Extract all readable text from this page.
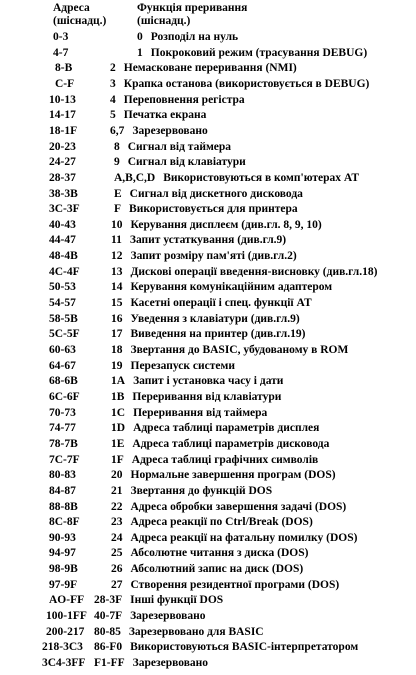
Адреса
(шіснадц.)
Функція преривання
(шіснадц.)
0-3	0 Розподіл на нуль
4-7	1 Покроковий режим (трасування DEBUG)
8-B	2 Немасковане переривання (NMI)
C-F	3 Крапка останова (використовується в DEBUG)
10-13	4 Переповнення регістра
14-17	5 Печатка екрана
18-1F	6,7 Зарезервовано
20-23	8 Сигнал від таймера
24-27	9 Сигнал від клавіатури
28-37	A,B,C,D Використовуються в комп'ютерах AT
38-3B	E Сигнал від дискетного дисковода
3C-3F	F Використовується для принтера
40-43	10 Керування дисплеєм (див.гл. 8, 9, 10)
44-47	11 Запит устаткування (див.гл.9)
48-4B	12 Запит розміру пам'яті (див.гл.2)
4C-4F	13 Дискові операції введення-висновку (див.гл.18)
50-53	14 Керування комунікаційним адаптером
54-57	15 Касетні операції і спец. функції AT
58-5B	16 Уведення з клавіатури (див.гл.9)
5C-5F	17 Виведення на принтер (див.гл.19)
60-63	18 Звертання до BASIC, убудованому в ROM
64-67	19 Перезапуск системи
68-6B	1A Запит і установка часу і дати
6C-6F	1B Переривання від клавіатури
70-73	1C Переривання від таймера
74-77	1D Адреса таблиці параметрів дисплея
78-7B	1E Адреса таблиці параметрів дисковода
7C-7F	1F Адреса таблиці графічних символів
80-83	20 Нормальне завершення програм (DOS)
84-87	21 Звертання до функцій DOS
88-8B	22 Адреса обробки завершення задачі (DOS)
8C-8F	23 Адреса реакції по Ctrl/Break (DOS)
90-93	24 Адреса реакції на фатальну помилку (DOS)
94-97	25 Абсолютне читання з диска (DOS)
98-9B	26 Абсолютний запис на диск (DOS)
97-9F	27 Створення резидентної програми (DOS)
AO-FF 28-3F Інші функції DOS
100-1FF 40-7F Зарезервовано
200-217 80-85 Зарезервовано для BASIC
218-3C3 86-F0 Використовуються BASIC-інтерпретатором
3C4-3FF F1-FF Зарезервовано
